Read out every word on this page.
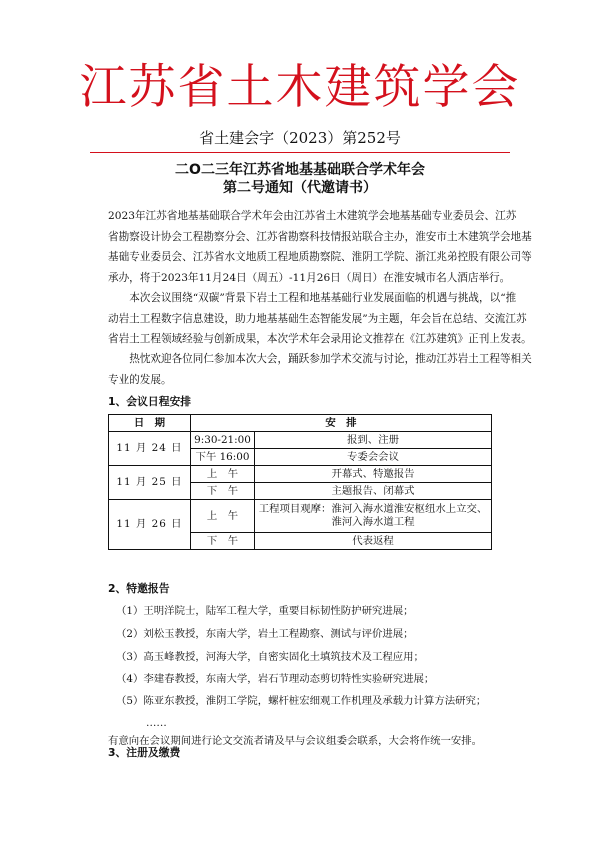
江苏省土木建筑学会
省土建会字（2023）第252号
二O二三年江苏省地基基础联合学术年会
第二号通知（代邀请书）
2023年江苏省地基基础联合学术年会由江苏省土木建筑学会地基基础专业委员会、江苏
省勘察设计协会工程勘察分会、江苏省勘察科技情报站联合主办，淮安市土木建筑学会地基
基础专业委员会、江苏省水文地质工程地质勘察院、淮阴工学院、浙江兆弟控股有限公司等
承办，将于2023年11月24日（周五）-11月26日（周日）在淮安城市名人酒店举行。
本次会议围绕“双碳”背景下岩土工程和地基基础行业发展面临的机遇与挑战，以“推
动岩土工程数字信息建设，助力地基基础生态智能发展”为主题，年会旨在总结、交流江苏
省岩土工程领域经验与创新成果，本次学术年会录用论文推荐在《江苏建筑》正刊上发表。
热忱欢迎各位同仁参加本次大会，踊跃参加学术交流与讨论，推动江苏岩土工程等相关
专业的发展。
1、会议日程安排
日　期	安　排	
11 月 24 日	9:30-21:00	报到、注册
	下午 16:00	专委会会议
11 月 25 日	上　午	开幕式、特邀报告
	下　午	主题报告、闭幕式
11 月 26 日	上　午	工程项目观摩：淮河入海水道淮安枢纽水上立交、
淮河入海水道工程

	下　午	代表返程
2、特邀报告
（1）王明洋院士，陆军工程大学，重要目标韧性防护研究进展；
（2）刘松玉教授，东南大学，岩土工程勘察、测试与评价进展；
（3）高玉峰教授，河海大学，自密实固化土填筑技术及工程应用；
（4）李建春教授，东南大学，岩石节理动态剪切特性实验研究进展；
（5）陈亚东教授，淮阴工学院，螺杆桩宏细观工作机理及承载力计算方法研究；
……
有意向在会议期间进行论文交流者请及早与会议组委会联系，大会将作统一安排。
3、注册及缴费
